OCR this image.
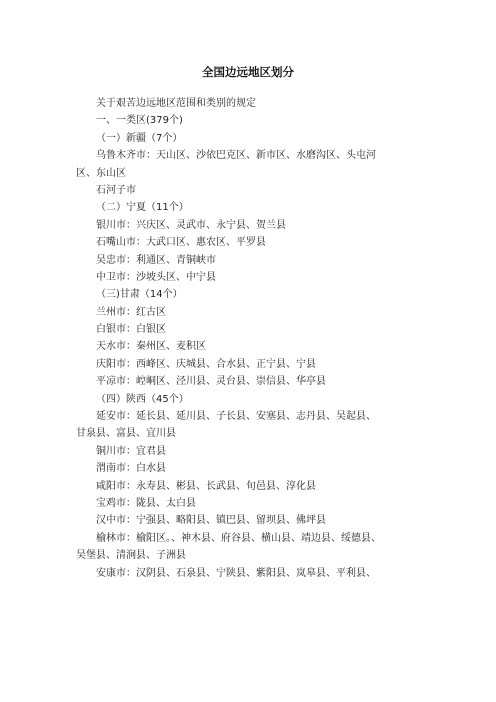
全国边远地区划分
关于艰苦边远地区范围和类别的规定
一、一类区(379个)
（一）新疆（7个）
乌鲁木齐市：天山区、沙依巴克区、新市区、水磨沟区、头屯河
区、东山区
石河子市
（二）宁夏（11个）
银川市：兴庆区、灵武市、永宁县、贺兰县
石嘴山市：大武口区、惠农区、平罗县
吴忠市：利通区、青铜峡市
中卫市：沙坡头区、中宁县
（三)甘肃（14个）
兰州市：红古区
白银市：白银区
天水市：秦州区、麦积区
庆阳市：西峰区、庆城县、合水县、正宁县、宁县
平凉市：崆峒区、泾川县、灵台县、崇信县、华亭县
（四）陕西（45个）
延安市：延长县、延川县、子长县、安塞县、志丹县、吴起县、
甘泉县、富县、宜川县
铜川市：宜君县
渭南市：白水县
咸阳市：永寿县、彬县、长武县、旬邑县、淳化县
宝鸡市：陇县、太白县
汉中市：宁强县、略阳县、镇巴县、留坝县、佛坪县
榆林市：榆阳区。、神木县、府谷县、横山县、靖边县、绥德县、
吴堡县、清涧县、子洲县
安康市：汉阴县、石泉县、宁陕县、紫阳县、岚皋县、平利县、
